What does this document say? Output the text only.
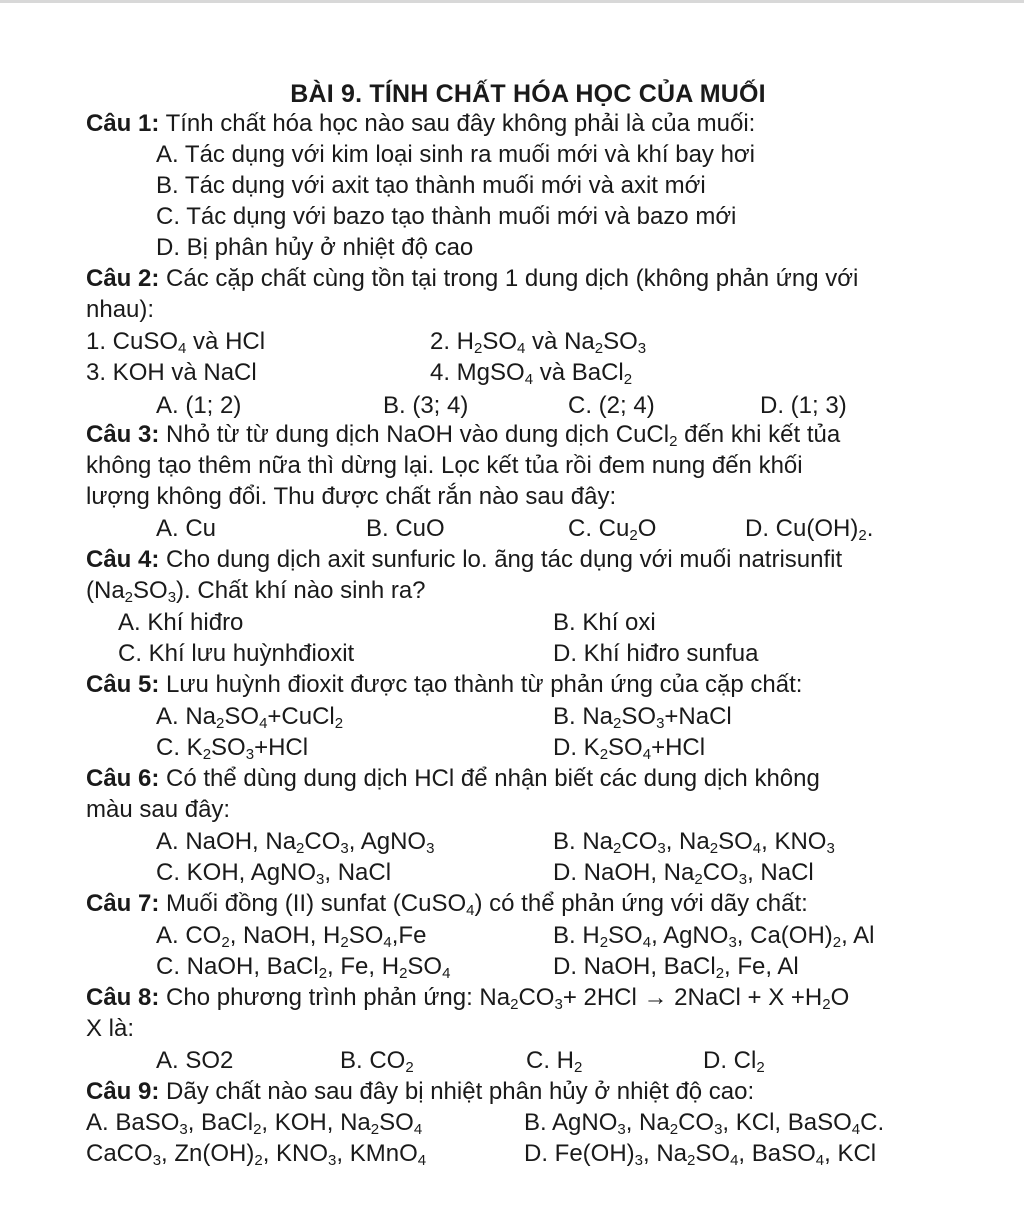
BÀI 9. TÍNH CHẤT HÓA HỌC CỦA MUỐI
Câu 1: Tính chất hóa học nào sau đây không phải là của muối:
A. Tác dụng với kim loại sinh ra muối mới và khí bay hơi
B. Tác dụng với axit tạo thành muối mới và axit mới
C. Tác dụng với bazo tạo thành muối mới và bazo mới
D. Bị phân hủy ở nhiệt độ cao
Câu 2: Các cặp chất cùng tồn tại trong 1 dung dịch (không phản ứng với
nhau):
1. CuSO$_4$ và HCl	2. $H_2SO_4$ và $Na_2SO_3$
3. KOH và NaCl	4. MgSO$_4$ và BaCl$_2$
A. (1; 2)	B. (3; 4)	C. (2; 4)	D. (1; 3)
Câu 3: Nhỏ từ từ dung dịch NaOH vào dung dịch CuCl$_2$ đến khi kết tủa
không tạo thêm nữa thì dừng lại. Lọc kết tủa rồi đem nung đến khối
lượng không đổi. Thu được chất rắn nào sau đây:
A. Cu	B. CuO	C. $Cu_2O$	D. $Cu(OH)_2$.
Câu 4: Cho dung dịch axit sunfuric lo. ãng tác dụng với muối natrisunfit
$(Na_2SO_3)$. Chất khí nào sinh ra?
A. Khí hiđro	B. Khí oxi
C. Khí lưu huỳnhđioxit	D. Khí hiđro sunfua
Câu 5: Lưu huỳnh đioxit được tạo thành từ phản ứng của cặp chất:
A. $Na_2SO_4+CuCl_2$	B. $Na_2SO_3+NaCl$
C. $K_2SO_3+HCl$	D. $K_2SO_4+HCl$
Câu 6: Có thể dùng dung dịch HCl để nhận biết các dung dịch không
màu sau đây:
A. NaOH, $Na_2CO_3$, AgNO$_3$	B. $Na_2CO_3$, $Na_2SO_4$, $KNO_3$
C. KOH, AgNO$_3$, NaCl	D. NaOH, $Na_2CO_3$, NaCl
Câu 7: Muối đồng (II) sunfat (CuSO$_4$) có thể phản ứng với dãy chất:
A. $CO_2$, NaOH, $H_2SO_4,Fe$	B. $H_2SO_4$, AgNO$_3$, $Ca(OH)_2$, Al
C. NaOH, BaCl$_2$, Fe, $H_2SO_4$	D. NaOH, BaCl$_2$, Fe, Al
Câu 8: Cho phương trình phản ứng: $Na_2CO_3+ 2HCl$ → 2NaCl + $X +H_2O$
X là:
A. SO2	B. $CO_2$	C. $H_2$	D. $Cl_2$
Câu 9: Dãy chất nào sau đây bị nhiệt phân hủy ở nhiệt độ cao:
A. BaSO$_3$, BaCl$_2$, KOH, $Na_2SO_4$	B. AgNO$_3$, $Na_2CO_3$, KCl, BaSO$_4$C.
CaCO$_3$, $Zn(OH)_2$, $KNO_3$, KMnO$_4$	D. $Fe(OH)_3$, $Na_2SO_4$, BaSO$_4$, KCl
